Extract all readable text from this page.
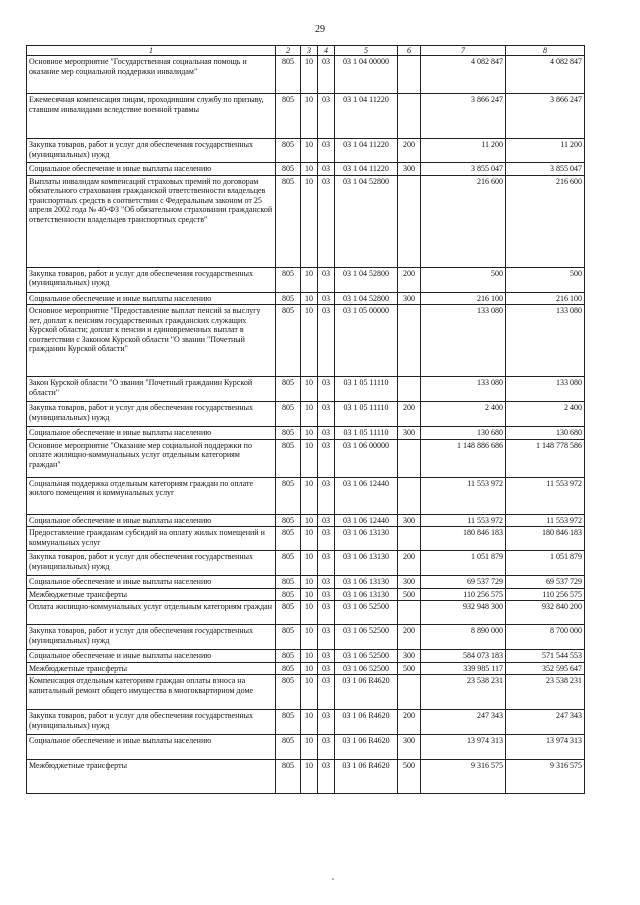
29
1	2	3	4	5	6	7	8
Основное мероприятие "Государственная социальная помощь и оказание мер социальной поддержки инвалидам"	805	10	03	03 1 04 00000		4 082 847	4 082 847
Ежемесячная компенсация лицам, проходившим службу по призыву, ставшим инвалидами вследствие военной травмы	805	10	03	03 1 04 11220		3 866 247	3 866 247
Закупка товаров, работ и услуг для обеспечения государственных (муниципальных) нужд	805	10	03	03 1 04 11220	200	11 200	11 200
Социальное обеспечение и иные выплаты населению	805	10	03	03 1 04 11220	300	3 855 047	3 855 047
Выплаты инвалидам компенсаций страховых премий по договорам обязательного страхования гражданской ответственности владельцев транспортных средств в соответствии с Федеральным законом от 25 апреля 2002 года № 40-ФЗ "Об обязательном страховании гражданской ответственности владельцев транспортных средств"	805	10	03	03 1 04 52800		216 600	216 600
Закупка товаров, работ и услуг для обеспечения государственных (муниципальных) нужд	805	10	03	03 1 04 52800	200	500	500
Социальное обеспечение и иные выплаты населению	805	10	03	03 1 04 52800	300	216 100	216 100
Основное мероприятие "Предоставление выплат пенсий за выслугу лет, доплат к пенсиям государственных гражданских служащих Курской области; доплат к пенсии и единовременных выплат в соответствии с Законом Курской области "О звании "Почетный гражданин Курской области"	805	10	03	03 1 05 00000		133 080	133 080
Закон Курской области "О звании "Почетный гражданин Курской области"	805	10	03	03 1 05 11110		133 080	133 080
Закупка товаров, работ и услуг для обеспечения государственных (муниципальных) нужд	805	10	03	03 1 05 11110	200	2 400	2 400
Социальное обеспечение и иные выплаты населению	805	10	03	03 1 05 11110	300	130 680	130 680
Основное мероприятие "Оказание мер социальной поддержки по оплате жилищно-коммунальных услуг отдельным категориям граждан"	805	10	03	03 1 06 00000		1 148 886 686	1 148 778 586
Социальная поддержка отдельным категориям граждан по оплате жилого помещения и коммунальных услуг	805	10	03	03 1 06 12440		11 553 972	11 553 972
Социальное обеспечение и иные выплаты населению	805	10	03	03 1 06 12440	300	11 553 972	11 553 972
Предоставление гражданам субсидий на оплату жилых помещений и коммунальных услуг	805	10	03	03 1 06 13130		180 846 183	180 846 183
Закупка товаров, работ и услуг для обеспечения государственных (муниципальных) нужд	805	10	03	03 1 06 13130	200	1 051 879	1 051 879
Социальное обеспечение и иные выплаты населению	805	10	03	03 1 06 13130	300	69 537 729	69 537 729
Межбюджетные трансферты	805	10	03	03 1 06 13130	500	110 256 575	110 256 575
Оплата жилищно-коммунальных услуг отдельным категориям граждан	805	10	03	03 1 06 52500		932 948 300	932 840 200
Закупка товаров, работ и услуг для обеспечения государственных (муниципальных) нужд	805	10	03	03 1 06 52500	200	8 890 000	8 700 000
Социальное обеспечение и иные выплаты населению	805	10	03	03 1 06 52500	300	584 073 183	571 544 553
Межбюджетные трансферты	805	10	03	03 1 06 52500	500	339 985 117	352 595 647
Компенсация отдельным категориям граждан оплаты взноса на капитальный ремонт общего имущества в многоквартирном доме	805	10	03	03 1 06 R4620		23 538 231	23 538 231
Закупка товаров, работ и услуг для обеспечения государственных (муниципальных) нужд	805	10	03	03 1 06 R4620	200	247 343	247 343
Социальное обеспечение и иные выплаты населению	805	10	03	03 1 06 R4620	300	13 974 313	13 974 313
Межбюджетные трансферты	805	10	03	03 1 06 R4620	500	9 316 575	9 316 575
